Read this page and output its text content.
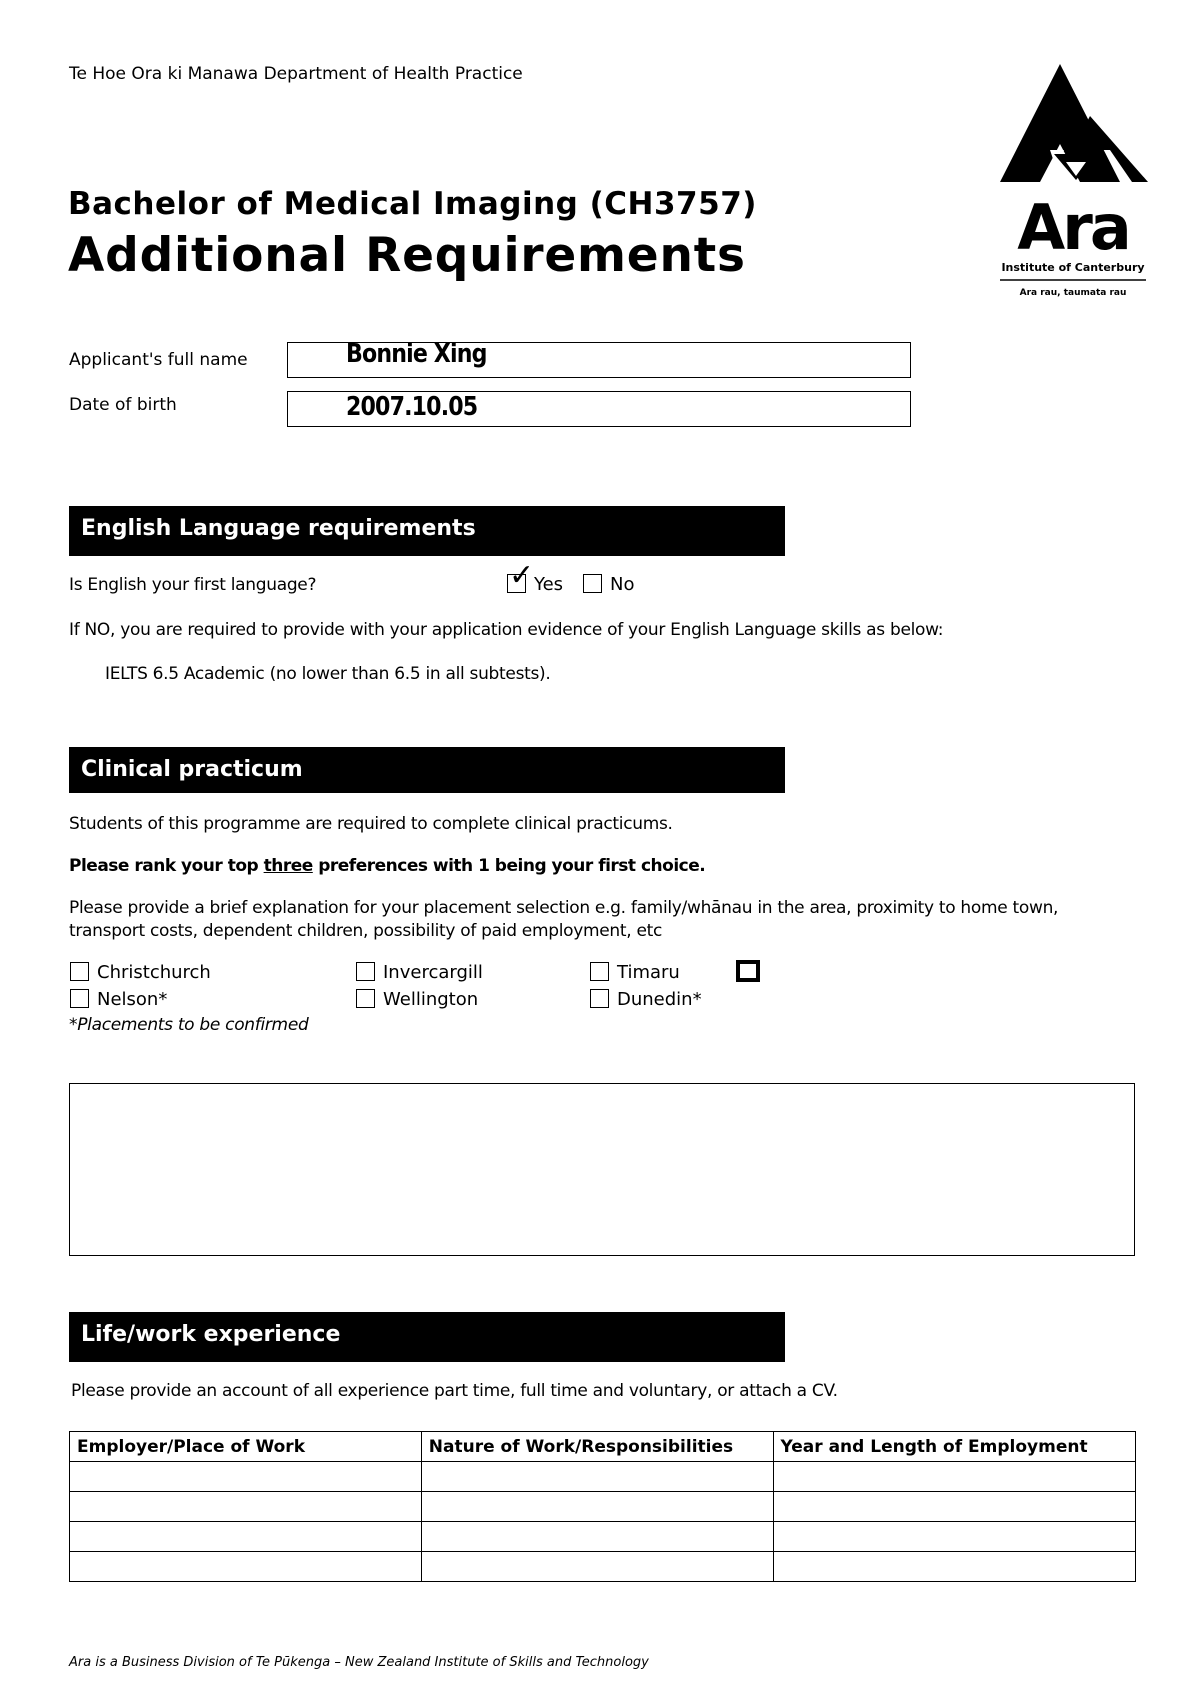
Te Hoe Ora ki Manawa Department of Health Practice
Bachelor of Medical Imaging (CH3757)
Additional Requirements	Ara
Institute of Canterbury
Ara rau, taumata rau
Applicant's full name	Bonnie Xing
Date of birth	2007.10.05
English Language requirements
Is English your first language?	✓ Yes	No
If NO, you are required to provide with your application evidence of your English Language skills as below:
IELTS 6.5 Academic (no lower than 6.5 in all subtests).
Clinical practicum
Students of this programme are required to complete clinical practicums.
Please rank your top three preferences with 1 being your first choice.
Please provide a brief explanation for your placement selection e.g. family/whānau in the area, proximity to home town,
transport costs, dependent children, possibility of paid employment, etc
Christchurch	Invercargill	Timaru
Nelson*	Wellington	Dunedin*
*Placements to be confirmed
Life/work experience
Please provide an account of all experience part time, full time and voluntary, or attach a CV.
Employer/Place of Work	Nature of Work/Responsibilities	Year and Length of Employment

Ara is a Business Division of Te Pūkenga – New Zealand Institute of Skills and Technology
